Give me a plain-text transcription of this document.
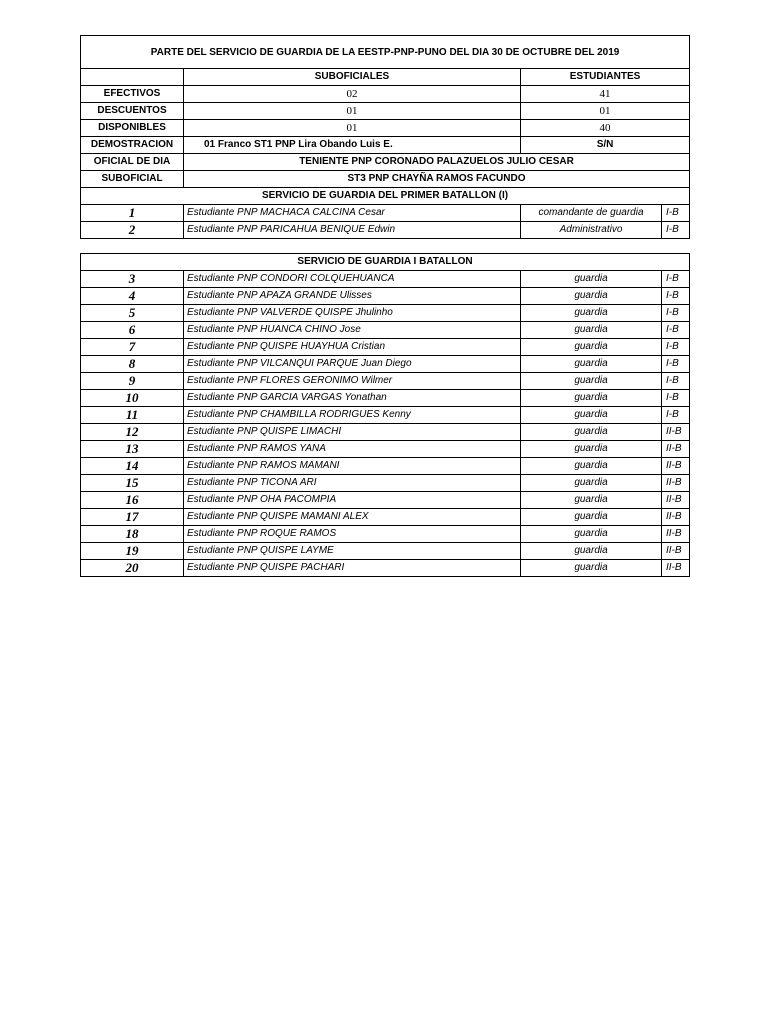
PARTE DEL SERVICIO DE GUARDIA DE LA EESTP-PNP-PUNO DEL DIA 30 DE OCTUBRE DEL 2019			
	SUBOFICIALES	ESTUDIANTES	
EFECTIVOS	02	41	
DESCUENTOS	01	01	
DISPONIBLES	01	40	
DEMOSTRACION	01 Franco ST1 PNP Lira Obando Luis E.	S/N	
OFICIAL DE DIA	TENIENTE PNP CORONADO PALAZUELOS JULIO CESAR		
SUBOFICIAL	ST3 PNP CHAYÑA RAMOS FACUNDO		
SERVICIO DE GUARDIA DEL PRIMER BATALLON (I)			
1	Estudiante PNP MACHACA CALCINA Cesar	comandante de guardia	I-B
2	Estudiante PNP PARICAHUA BENIQUE Edwin	Administrativo	I-B
SERVICIO DE GUARDIA I BATALLON			
3	Estudiante PNP CONDORI COLQUEHUANCA	guardia	I-B
4	Estudiante PNP APAZA GRANDE Ulisses	guardia	I-B
5	Estudiante PNP VALVERDE QUISPE Jhulinho	guardia	I-B
6	Estudiante PNP HUANCA CHINO Jose	guardia	I-B
7	Estudiante PNP QUISPE HUAYHUA Cristian	guardia	I-B
8	Estudiante PNP VILCANQUI PARQUE Juan Diego	guardia	I-B
9	Estudiante PNP FLORES GERONIMO Wilmer	guardia	I-B
10	Estudiante PNP GARCIA VARGAS Yonathan	guardia	I-B
11	Estudiante PNP CHAMBILLA RODRIGUES Kenny	guardia	I-B
12	Estudiante PNP QUISPE LIMACHI	guardia	II-B
13	Estudiante PNP RAMOS YANA	guardia	II-B
14	Estudiante PNP RAMOS MAMANI	guardia	II-B
15	Estudiante PNP TICONA ARI	guardia	II-B
16	Estudiante PNP OHA PACOMPIA	guardia	II-B
17	Estudiante PNP QUISPE MAMANI ALEX	guardia	II-B
18	Estudiante PNP ROQUE RAMOS	guardia	II-B
19	Estudiante PNP QUISPE LAYME	guardia	II-B
20	Estudiante PNP QUISPE PACHARI	guardia	II-B
